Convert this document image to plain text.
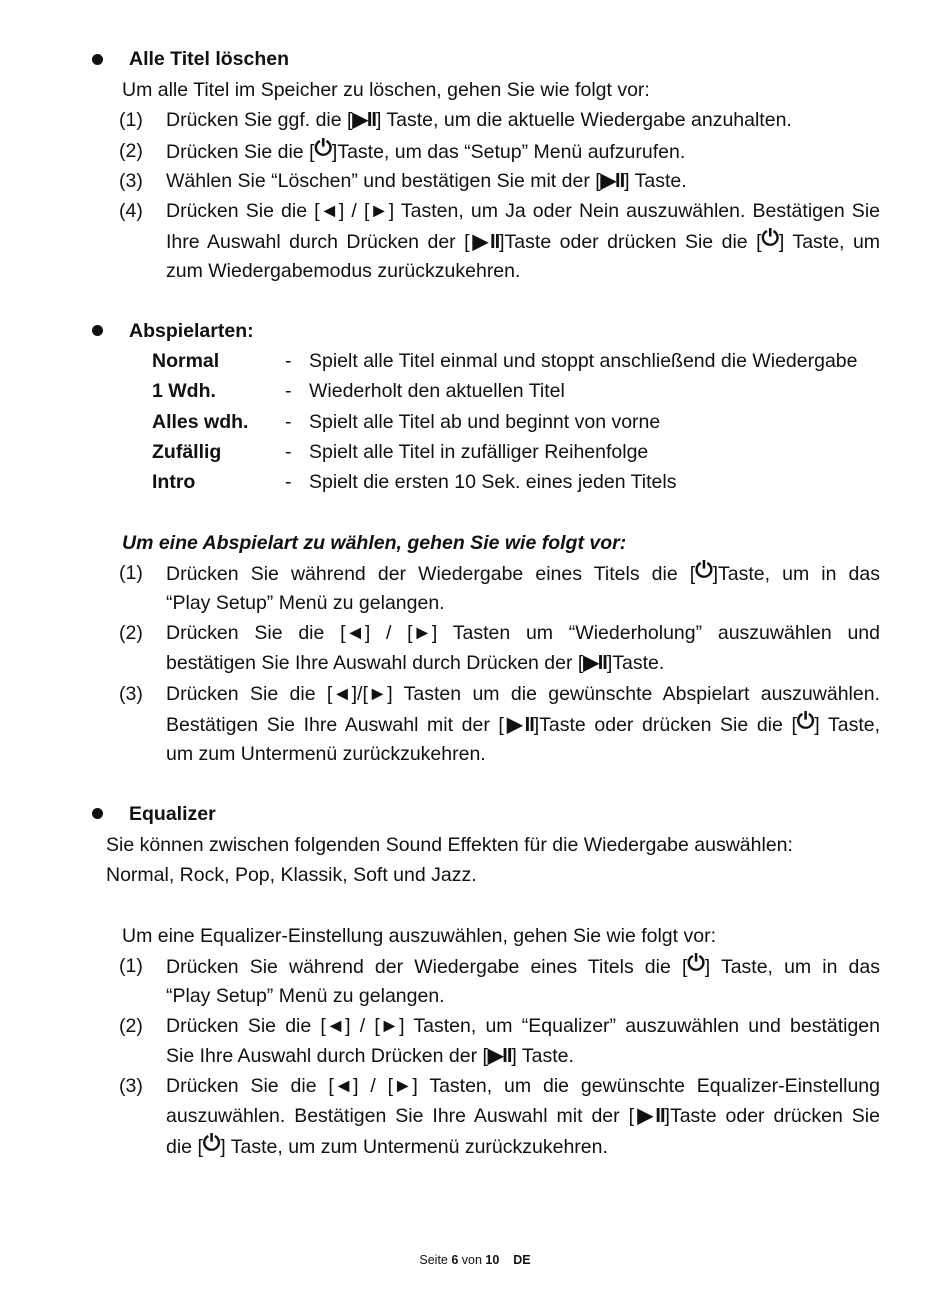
Alle Titel löschen
Um alle Titel im Speicher zu löschen, gehen Sie wie folgt vor:
(1) Drücken Sie ggf. die [▶II] Taste, um die aktuelle Wiedergabe anzuhalten.
(2) Drücken Sie die [⏻]Taste, um das “Setup” Menü aufzurufen.
(3) Wählen Sie “Löschen” und bestätigen Sie mit der [▶II] Taste.
(4) Drücken Sie die [◄] / [►] Tasten, um Ja oder Nein auszuwählen. Bestätigen Sie
Ihre Auswahl durch Drücken der [▶II]Taste oder drücken Sie die [⏻] Taste, um
zum Wiedergabemodus zurückzukehren.
Abspielarten:
Normal	- Spielt alle Titel einmal und stoppt anschließend die Wiedergabe
1 Wdh.	- Wiederholt den aktuellen Titel
Alles wdh. - Spielt alle Titel ab und beginnt von vorne
Zufällig	- Spielt alle Titel in zufälliger Reihenfolge
Intro	- Spielt die ersten 10 Sek. eines jeden Titels
Um eine Abspielart zu wählen, gehen Sie wie folgt vor:
(1) Drücken Sie während der Wiedergabe eines Titels die [⏻]Taste, um in das
“Play Setup” Menü zu gelangen.
(2) Drücken Sie die [◄] / [►] Tasten um “Wiederholung” auszuwählen und
bestätigen Sie Ihre Auswahl durch Drücken der [▶II]Taste.
(3) Drücken Sie die [◄]/[►] Tasten um die gewünschte Abspielart auszuwählen.
Bestätigen Sie Ihre Auswahl mit der [▶II]Taste oder drücken Sie die [⏻] Taste,
um zum Untermenü zurückzukehren.
Equalizer
Sie können zwischen folgenden Sound Effekten für die Wiedergabe auswählen:
Normal, Rock, Pop, Klassik, Soft und Jazz.
Um eine Equalizer-Einstellung auszuwählen, gehen Sie wie folgt vor:
(1) Drücken Sie während der Wiedergabe eines Titels die [⏻] Taste, um in das
“Play Setup” Menü zu gelangen.
(2) Drücken Sie die [◄] / [►] Tasten, um “Equalizer” auszuwählen und bestätigen
Sie Ihre Auswahl durch Drücken der [▶II] Taste.
(3) Drücken Sie die [◄] / [►] Tasten, um die gewünschte Equalizer-Einstellung
auszuwählen. Bestätigen Sie Ihre Auswahl mit der [▶II]Taste oder drücken Sie
die [⏻] Taste, um zum Untermenü zurückzukehren.
Seite 6 von 10 DE
